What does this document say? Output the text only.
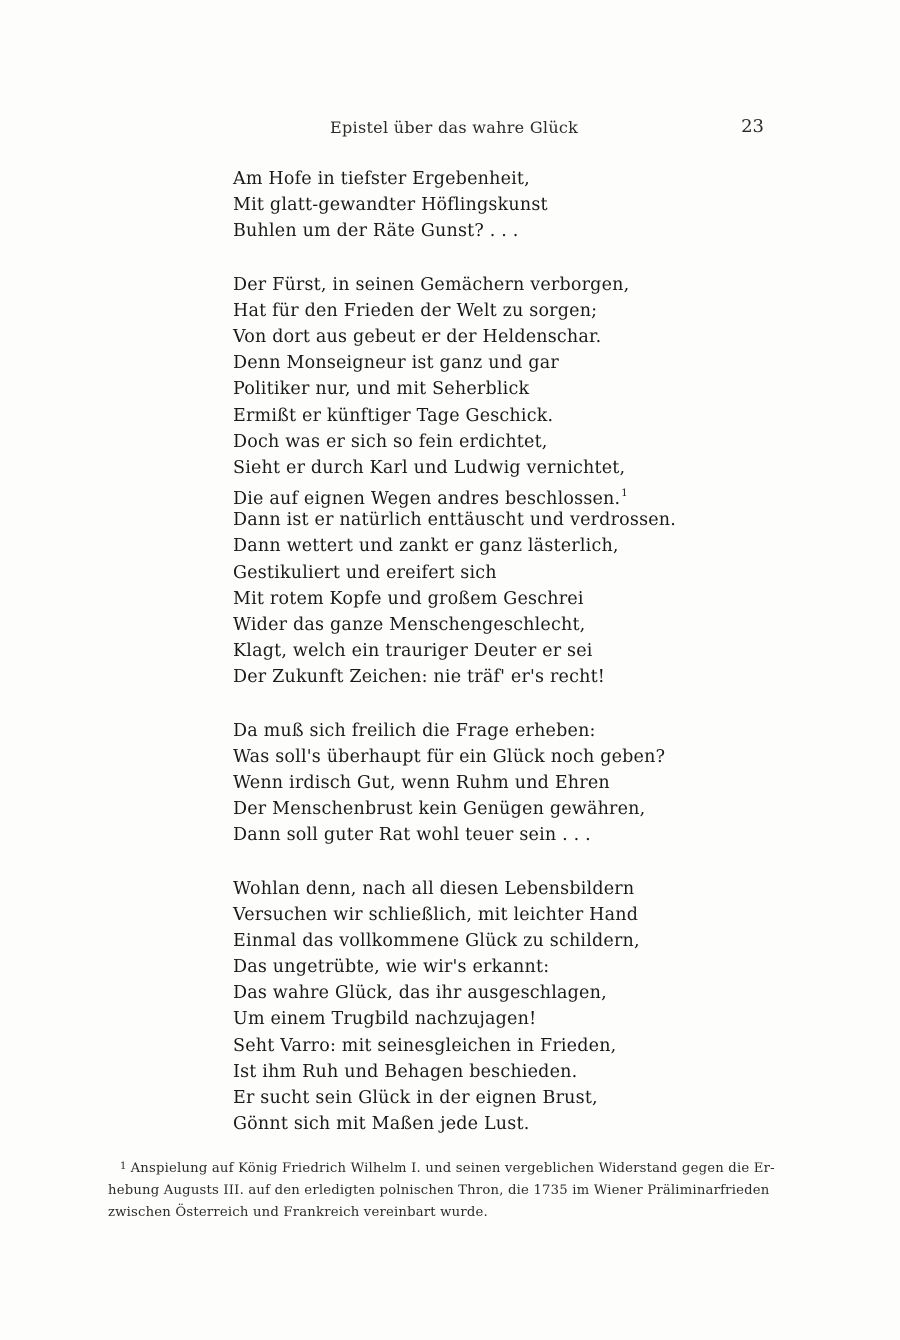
Epistel über das wahre Glück	23
Am Hofe in tiefster Ergebenheit,
Mit glatt-gewandter Höflingskunst
Buhlen um der Räte Gunst? . . .
Der Fürst, in seinen Gemächern verborgen,
Hat für den Frieden der Welt zu sorgen;
Von dort aus gebeut er der Heldenschar.
Denn Monseigneur ist ganz und gar
Politiker nur, und mit Seherblick
Ermißt er künftiger Tage Geschick.
Doch was er sich so fein erdichtet,
Sieht er durch Karl und Ludwig vernichtet,
Die auf eignen Wegen andres beschlossen.$^1$
Dann ist er natürlich enttäuscht und verdrossen.
Dann wettert und zankt er ganz lästerlich,
Gestikuliert und ereifert sich
Mit rotem Kopfe und großem Geschrei
Wider das ganze Menschengeschlecht,
Klagt, welch ein trauriger Deuter er sei
Der Zukunft Zeichen: nie träf' er's recht!
Da muß sich freilich die Frage erheben:
Was soll's überhaupt für ein Glück noch geben?
Wenn irdisch Gut, wenn Ruhm und Ehren
Der Menschenbrust kein Genügen gewähren,
Dann soll guter Rat wohl teuer sein . . .
Wohlan denn, nach all diesen Lebensbildern
Versuchen wir schließlich, mit leichter Hand
Einmal das vollkommene Glück zu schildern,
Das ungetrübte, wie wir's erkannt:
Das wahre Glück, das ihr ausgeschlagen,
Um einem Trugbild nachzujagen!
Seht Varro: mit seinesgleichen in Frieden,
Ist ihm Ruh und Behagen beschieden.
Er sucht sein Glück in der eignen Brust,
Gönnt sich mit Maßen jede Lust.
$^1$ Anspielung auf König Friedrich Wilhelm I. und seinen vergeblichen Widerstand gegen die Er-
hebung Augusts III. auf den erledigten polnischen Thron, die 1735 im Wiener Präliminarfrieden
zwischen Österreich und Frankreich vereinbart wurde.
